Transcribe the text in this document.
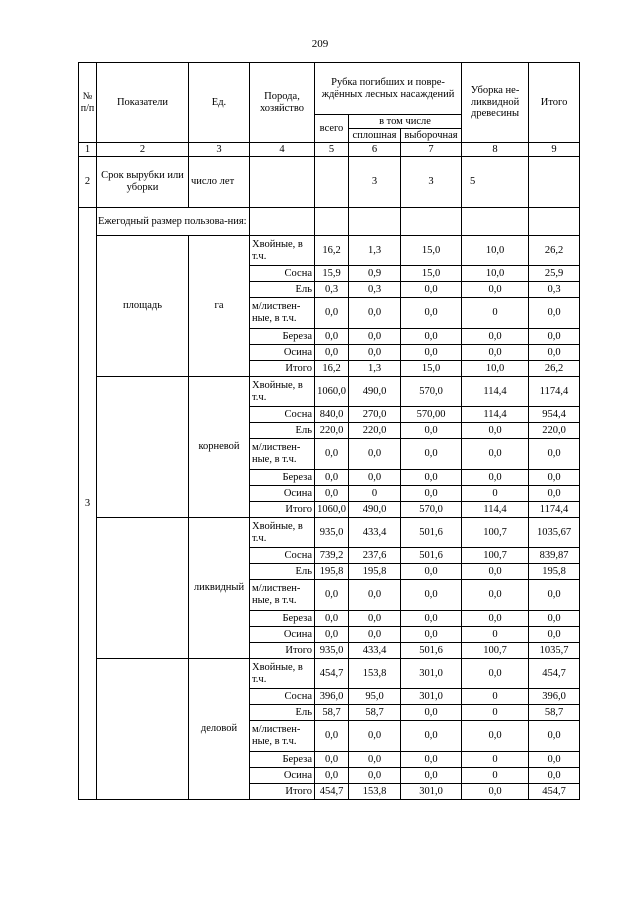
209
№ п/п	Показатели	Ед.	Порода, хозяйство	Рубка погибших и повре-ждённых лесных насаждений			Уборка не-ликвидной древесины	Итого
				всего	в том числе			
					сплошная	выборочная		
1	2	3	4	5	6	7	8	9
2	Срок вырубки или уборки	число лет			3	3	5	
3	Ежегодный размер пользова-ния:							
	площадь	га	Хвойные, в т.ч.	16,2	1,3	15,0	10,0	26,2
			Сосна	15,9	0,9	15,0	10,0	25,9
			Ель	0,3	0,3	0,0	0,0	0,3
			м/листвен-ные, в т.ч.	0,0	0,0	0,0	0	0,0
			Береза	0,0	0,0	0,0	0,0	0,0
			Осина	0,0	0,0	0,0	0,0	0,0
			Итого	16,2	1,3	15,0	10,0	26,2
		корневой	Хвойные, в т.ч.	1060,0	490,0	570,0	114,4	1174,4
			Сосна	840,0	270,0	570,00	114,4	954,4
			Ель	220,0	220,0	0,0	0,0	220,0
			м/листвен-ные, в т.ч.	0,0	0,0	0,0	0,0	0,0
			Береза	0,0	0,0	0,0	0,0	0,0
			Осина	0,0	0	0,0	0	0,0
			Итого	1060,0	490,0	570,0	114,4	1174,4
		ликвидный	Хвойные, в т.ч.	935,0	433,4	501,6	100,7	1035,67
			Сосна	739,2	237,6	501,6	100,7	839,87
			Ель	195,8	195,8	0,0	0,0	195,8
			м/листвен-ные, в т.ч.	0,0	0,0	0,0	0,0	0,0
			Береза	0,0	0,0	0,0	0,0	0,0
			Осина	0,0	0,0	0,0	0	0,0
			Итого	935,0	433,4	501,6	100,7	1035,7
		деловой	Хвойные, в т.ч.	454,7	153,8	301,0	0,0	454,7
			Сосна	396,0	95,0	301,0	0	396,0
			Ель	58,7	58,7	0,0	0	58,7
			м/листвен-ные, в т.ч.	0,0	0,0	0,0	0,0	0,0
			Береза	0,0	0,0	0,0	0	0,0
			Осина	0,0	0,0	0,0	0	0,0
			Итого	454,7	153,8	301,0	0,0	454,7
